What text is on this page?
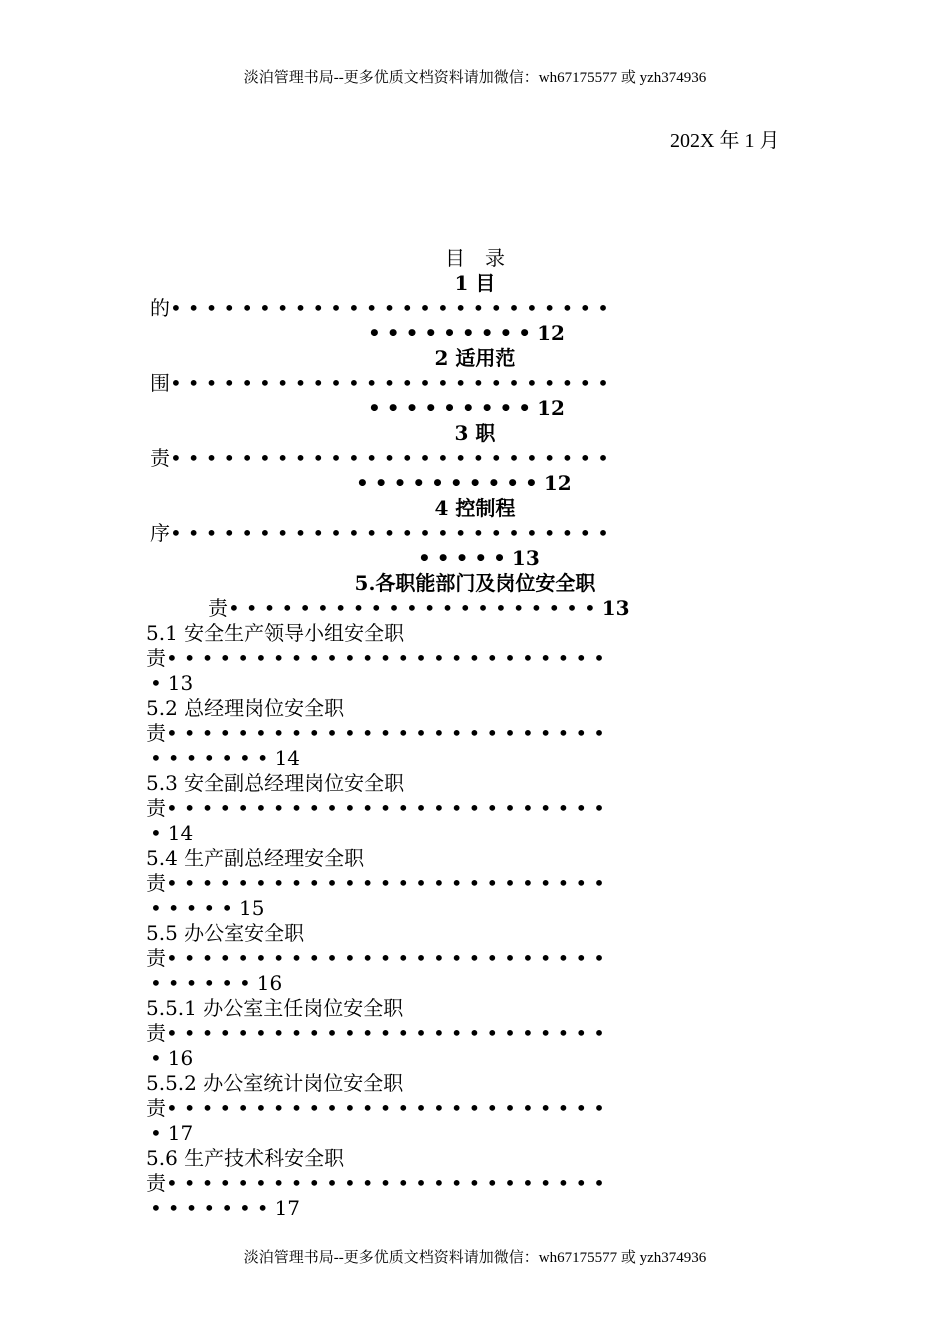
淡泊管理书局--更多优质文档资料请加微信：wh67175577 或 yzh374936
202X 年 1 月
目　录
1 目
的•••••••••••••••••••••••••
•••••••••12
2 适用范
围•••••••••••••••••••••••••
•••••••••12
3 职
责•••••••••••••••••••••••••
••••••••••12
4 控制程
序•••••••••••••••••••••••••
•••••13
5.各职能部门及岗位安全职
责•••••••••••••••••••••13
5.1 安全生产领导小组安全职
责•••••••••••••••••••••••••
•13
5.2 总经理岗位安全职
责•••••••••••••••••••••••••
•••••••14
5.3 安全副总经理岗位安全职
责•••••••••••••••••••••••••
•14
5.4 生产副总经理安全职
责•••••••••••••••••••••••••
•••••15
5.5 办公室安全职
责•••••••••••••••••••••••••
••••••16
5.5.1 办公室主任岗位安全职
责•••••••••••••••••••••••••
•16
5.5.2 办公室统计岗位安全职
责•••••••••••••••••••••••••
•17
5.6 生产技术科安全职
责•••••••••••••••••••••••••
•••••••17
淡泊管理书局--更多优质文档资料请加微信：wh67175577 或 yzh374936
